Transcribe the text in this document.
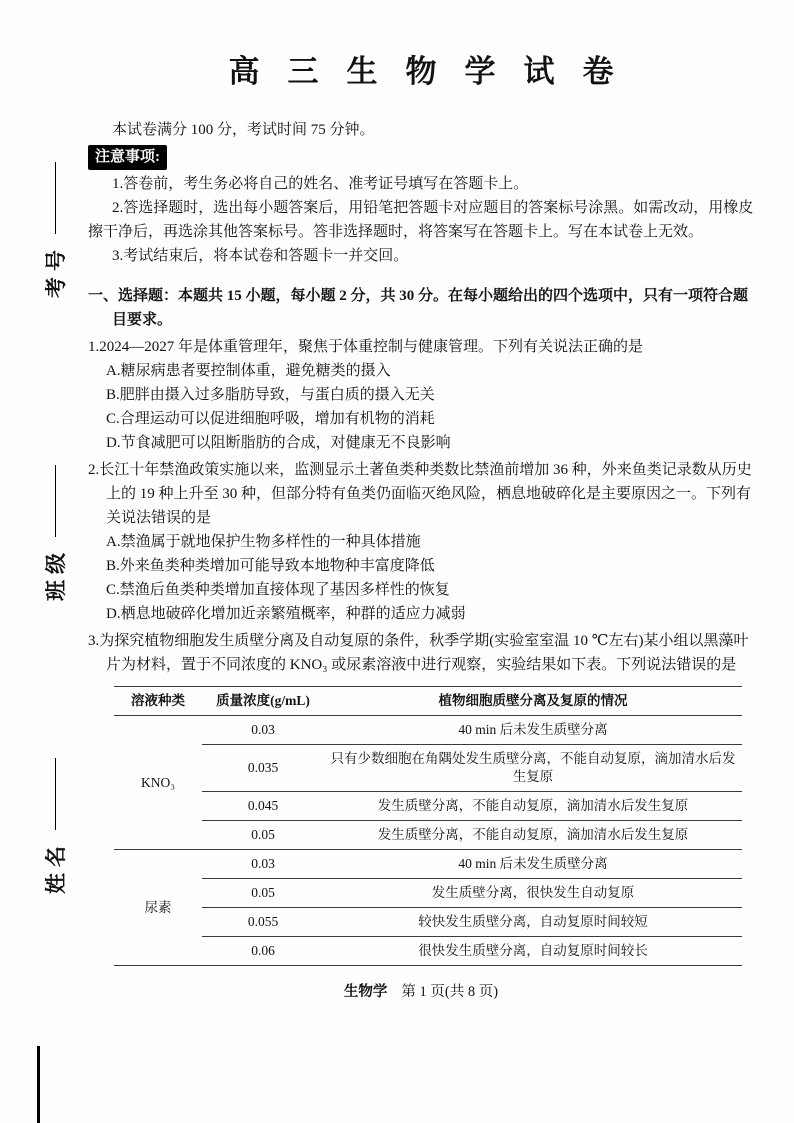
考号
班级
姓名
高三生物学试卷

本试卷满分 100 分，考试时间 75 分钟。

注意事项:

1.答卷前，考生务必将自己的姓名、准考证号填写在答题卡上。

2.答选择题时，选出每小题答案后，用铅笔把答题卡对应题目的答案标号涂黑。如需改动，用橡皮擦干净后，再选涂其他答案标号。答非选择题时，将答案写在答题卡上。写在本试卷上无效。

3.考试结束后，将本试卷和答题卡一并交回。

一、选择题：本题共 15 小题，每小题 2 分，共 30 分。在每小题给出的四个选项中，只有一项符合题目要求。

1.2024—2027 年是体重管理年，聚焦于体重控制与健康管理。下列有关说法正确的是

A.糖尿病患者要控制体重，避免糖类的摄入

B.肥胖由摄入过多脂肪导致，与蛋白质的摄入无关

C.合理运动可以促进细胞呼吸，增加有机物的消耗

D.节食减肥可以阻断脂肪的合成，对健康无不良影响

2.长江十年禁渔政策实施以来，监测显示土著鱼类种类数比禁渔前增加 36 种，外来鱼类记录数从历史上的 19 种上升至 30 种，但部分特有鱼类仍面临灭绝风险，栖息地破碎化是主要原因之一。下列有关说法错误的是

A.禁渔属于就地保护生物多样性的一种具体措施

B.外来鱼类种类增加可能导致本地物种丰富度降低

C.禁渔后鱼类种类增加直接体现了基因多样性的恢复

D.栖息地破碎化增加近亲繁殖概率，种群的适应力减弱

3.为探究植物细胞发生质壁分离及自动复原的条件，秋季学期(实验室室温 10 ℃左右)某小组以黑藻叶片为材料，置于不同浓度的 KNO₃ 或尿素溶液中进行观察，实验结果如下表。下列说法错误的是

溶液种类	质量浓度(g/mL)	植物细胞质壁分离及复原的情况
KNO₃	0.03	40 min 后未发生质壁分离
	0.035	只有少数细胞在角隅处发生质壁分离，不能自动复原，滴加清水后发生复原
	0.045	发生质壁分离，不能自动复原，滴加清水后发生复原
	0.05	发生质壁分离，不能自动复原，滴加清水后发生复原
尿素	0.03	40 min 后未发生质壁分离
	0.05	发生质壁分离，很快发生自动复原
	0.055	较快发生质壁分离，自动复原时间较短
	0.06	很快发生质壁分离，自动复原时间较长
生物学 第 1 页(共 8 页)
